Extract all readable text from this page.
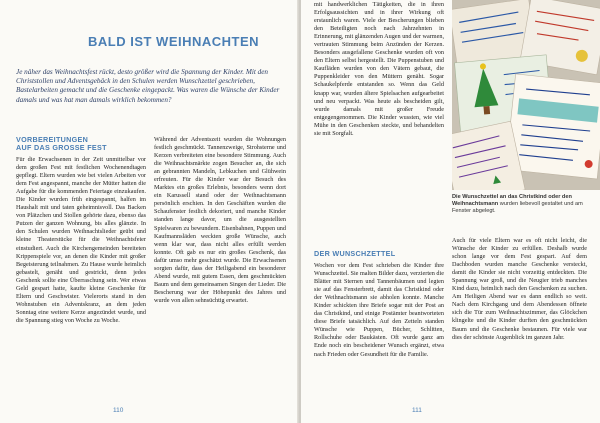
BALD IST WEIHNACHTEN

Je näher das Weihnachtsfest rückt, desto größer wird die Spannung der Kinder. Mit den Christstollen und Adventsgebäck in den Schulen werden Wunschzettel geschrieben, Bastelarbeiten gemacht und die Geschenke eingepackt. Was waren die Wünsche der Kinder damals und was hat man damals wirklich bekommen?

VORBEREITUNGEN

AUF DAS GROSSE FEST

Für die Erwachsenen in der Zeit unmittelbar vor dem großen Fest mit festlichen Wochenendtagen gepflegt. Eltern wurden wie bei vielen Arbeiten vor dem Fest angespannt, manche der Mütter hatten die Aufgabe für die kommenden Feiertage einzukaufen. Die Kinder wurden früh eingespannt, halfen im Haushalt mit und taten geheimnisvoll. Das Backen von Plätzchen und Stollen gehörte dazu, ebenso das Putzen der ganzen Wohnung, bis alles glänzte. In den Schulen wurden Weihnachtslieder geübt und kleine Theaterstücke für die Weihnachtsfeier einstudiert. Auch die Kirchengemeinden bereiteten Krippenspiele vor, an denen die Kinder mit großer Begeisterung teilnahmen. Zu Hause wurde heimlich gebastelt, genäht und gestrickt, denn jedes Geschenk sollte eine Überraschung sein. Wer etwas Geld gespart hatte, kaufte kleine Geschenke für Eltern und Geschwister. Vielerorts stand in den Wohnstuben ein Adventskranz, an dem jeden Sonntag eine weitere Kerze angezündet wurde, und die Spannung stieg von Woche zu Woche.

Während der Adventszeit wurden die Wohnungen festlich geschmückt. Tannenzweige, Strohsterne und Kerzen verbreiteten eine besondere Stimmung. Auch die Weihnachtsmärkte zogen Besucher an, die sich an gebrannten Mandeln, Lebkuchen und Glühwein erfreuten. Für die Kinder war der Besuch des Marktes ein großes Erlebnis, besonders wenn dort ein Karussell stand oder der Weihnachtsmann persönlich erschien. In den Geschäften wurden die Schaufenster festlich dekoriert, und manche Kinder standen lange davor, um die ausgestellten Spielwaren zu bewundern. Eisenbahnen, Puppen und Kaufmannsläden weckten große Wünsche, auch wenn klar war, dass nicht alles erfüllt werden konnte. Oft gab es nur ein großes Geschenk, das dafür umso mehr geschätzt wurde. Die Erwachsenen sorgten dafür, dass der Heiligabend ein besonderer Abend wurde, mit gutem Essen, dem geschmückten Baum und dem gemeinsamen Singen der Lieder. Die Bescherung war der Höhepunkt des Jahres und wurde von allen sehnsüchtig erwartet.

110

mit handwerklichen Tätigkeiten, die in ihren Erfolgsaussichten und in ihrer Wirkung oft erstaunlich waren. Viele der Bescherungen blieben den Beteiligten noch nach Jahrzehnten in Erinnerung, mit glänzenden Augen und der warmen, vertrauten Stimmung beim Anzünden der Kerzen. Besonders ausgefallene Geschenke wurden oft von den Eltern selbst hergestellt. Die Puppenstuben und Kaufläden wurden von den Vätern gebaut, die Puppenkleider von den Müttern genäht. Sogar Schaukelpferde entstanden so. Wenn das Geld knapp war, wurden ältere Spielsachen aufgearbeitet und neu verpackt. Was heute als bescheiden gilt, wurde damals mit großer Freude entgegengenommen. Die Kinder wussten, wie viel Mühe in den Geschenken steckte, und behandelten sie mit Sorgfalt.

DER WUNSCHZETTEL

Wochen vor dem Fest schrieben die Kinder ihre Wunschzettel. Sie malten Bilder dazu, verzierten die Blätter mit Sternen und Tannenbäumen und legten sie auf das Fensterbrett, damit das Christkind oder der Weihnachtsmann sie abholen konnte. Manche Kinder schickten ihre Briefe sogar mit der Post an das Christkind, und einige Postämter beantworteten diese Briefe tatsächlich. Auf den Zetteln standen Wünsche wie Puppen, Bücher, Schlitten, Rollschuhe oder Baukästen. Oft wurde ganz am Ende noch ein bescheidener Wunsch ergänzt, etwa nach Frieden oder Gesundheit für die Familie.

Die Wunschzettel an das Christkind oder den Weihnachtsmann wurden liebevoll gestaltet und am Fenster abgelegt.

Auch für viele Eltern war es oft nicht leicht, die Wünsche der Kinder zu erfüllen. Deshalb wurde schon lange vor dem Fest gespart. Auf dem Dachboden wurden manche Geschenke versteckt, damit die Kinder sie nicht vorzeitig entdeckten. Die Spannung war groß, und die Neugier trieb manches Kind dazu, heimlich nach den Geschenken zu suchen. Am Heiligen Abend war es dann endlich so weit. Nach dem Kirchgang und dem Abendessen öffnete sich die Tür zum Weihnachtszimmer, das Glöckchen klingelte und die Kinder durften den geschmückten Baum und die Geschenke bestaunen. Für viele war dies der schönste Augenblick im ganzen Jahr.

111
